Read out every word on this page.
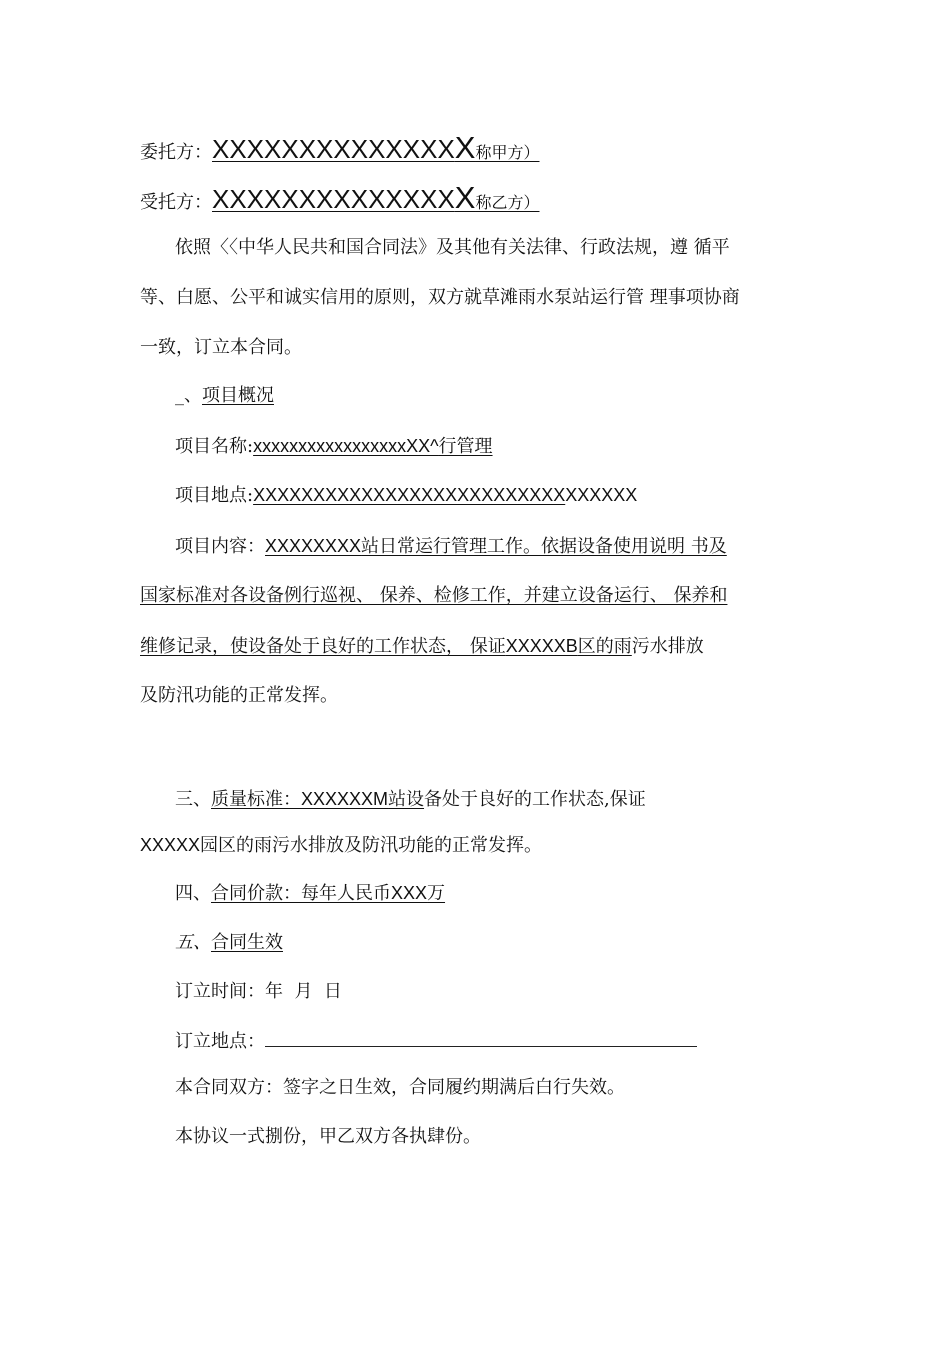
委托方：XXXXXXXXXXXXXXX称甲方）
受托方：XXXXXXXXXXXXXXX称乙方）
依照〈〈中华人民共和国合同法》及其他有关法律、行政法规，遵 循平
等、白愿、公平和诚实信用的原则，双方就草滩雨水泵站运行管 理事项协商
一致，订立本合同。
_、项目概况
项目名称:xxxxxxxxxxxxxxxxxXX^行管理
项目地点:XXXXXXXXXXXXXXXXXXXXXXXXXXXXXXXX
项目内容：XXXXXXXX站日常运行管理工作。依据设备使用说明 书及
国家标准对各设备例行巡视、 保养、检修工作，并建立设备运行、 保养和
维修记录，使设备处于良好的工作状态， 保证XXXXXB区的雨污水排放
及防汛功能的正常发挥。
三、质量标准：XXXXXXM站设备处于良好的工作状态,保证
XXXXX园区的雨污水排放及防汛功能的正常发挥。
四、合同价款：每年人民币XXX万
五、合同生效
订立时间：年  月  日
订立地点：
本合同双方：签字之日生效，合同履约期满后白行失效。
本协议一式捌份，甲乙双方各执肆份。
